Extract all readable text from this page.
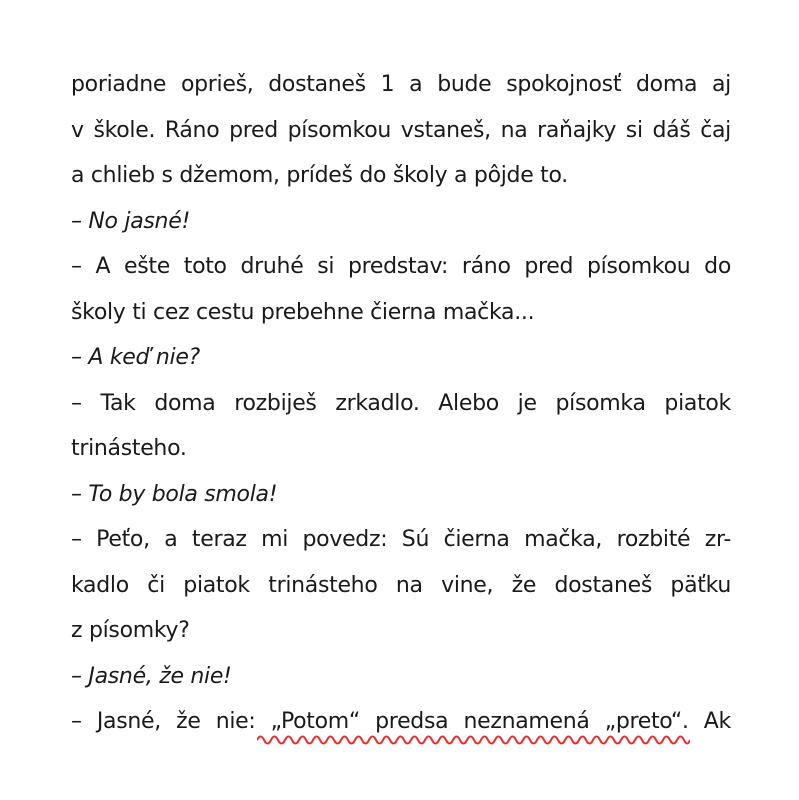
poriadne oprieš, dostaneš 1 a bude spokojnosť doma aj
v škole. Ráno pred písomkou vstaneš, na raňajky si dáš čaj
a chlieb s džemom, prídeš do školy a pôjde to.
– No jasné!
– A ešte toto druhé si predstav: ráno pred písomkou do
školy ti cez cestu prebehne čierna mačka...
– A keď nie?
– Tak doma rozbiješ zrkadlo. Alebo je písomka piatok
trinásteho.
– To by bola smola!
– Peťo, a teraz mi povedz: Sú čierna mačka, rozbité zr-
kadlo či piatok trinásteho na vine, že dostaneš päťku
z písomky?
– Jasné, že nie!
– Jasné, že nie: „Potom“ predsa neznamená „preto“. Ak
